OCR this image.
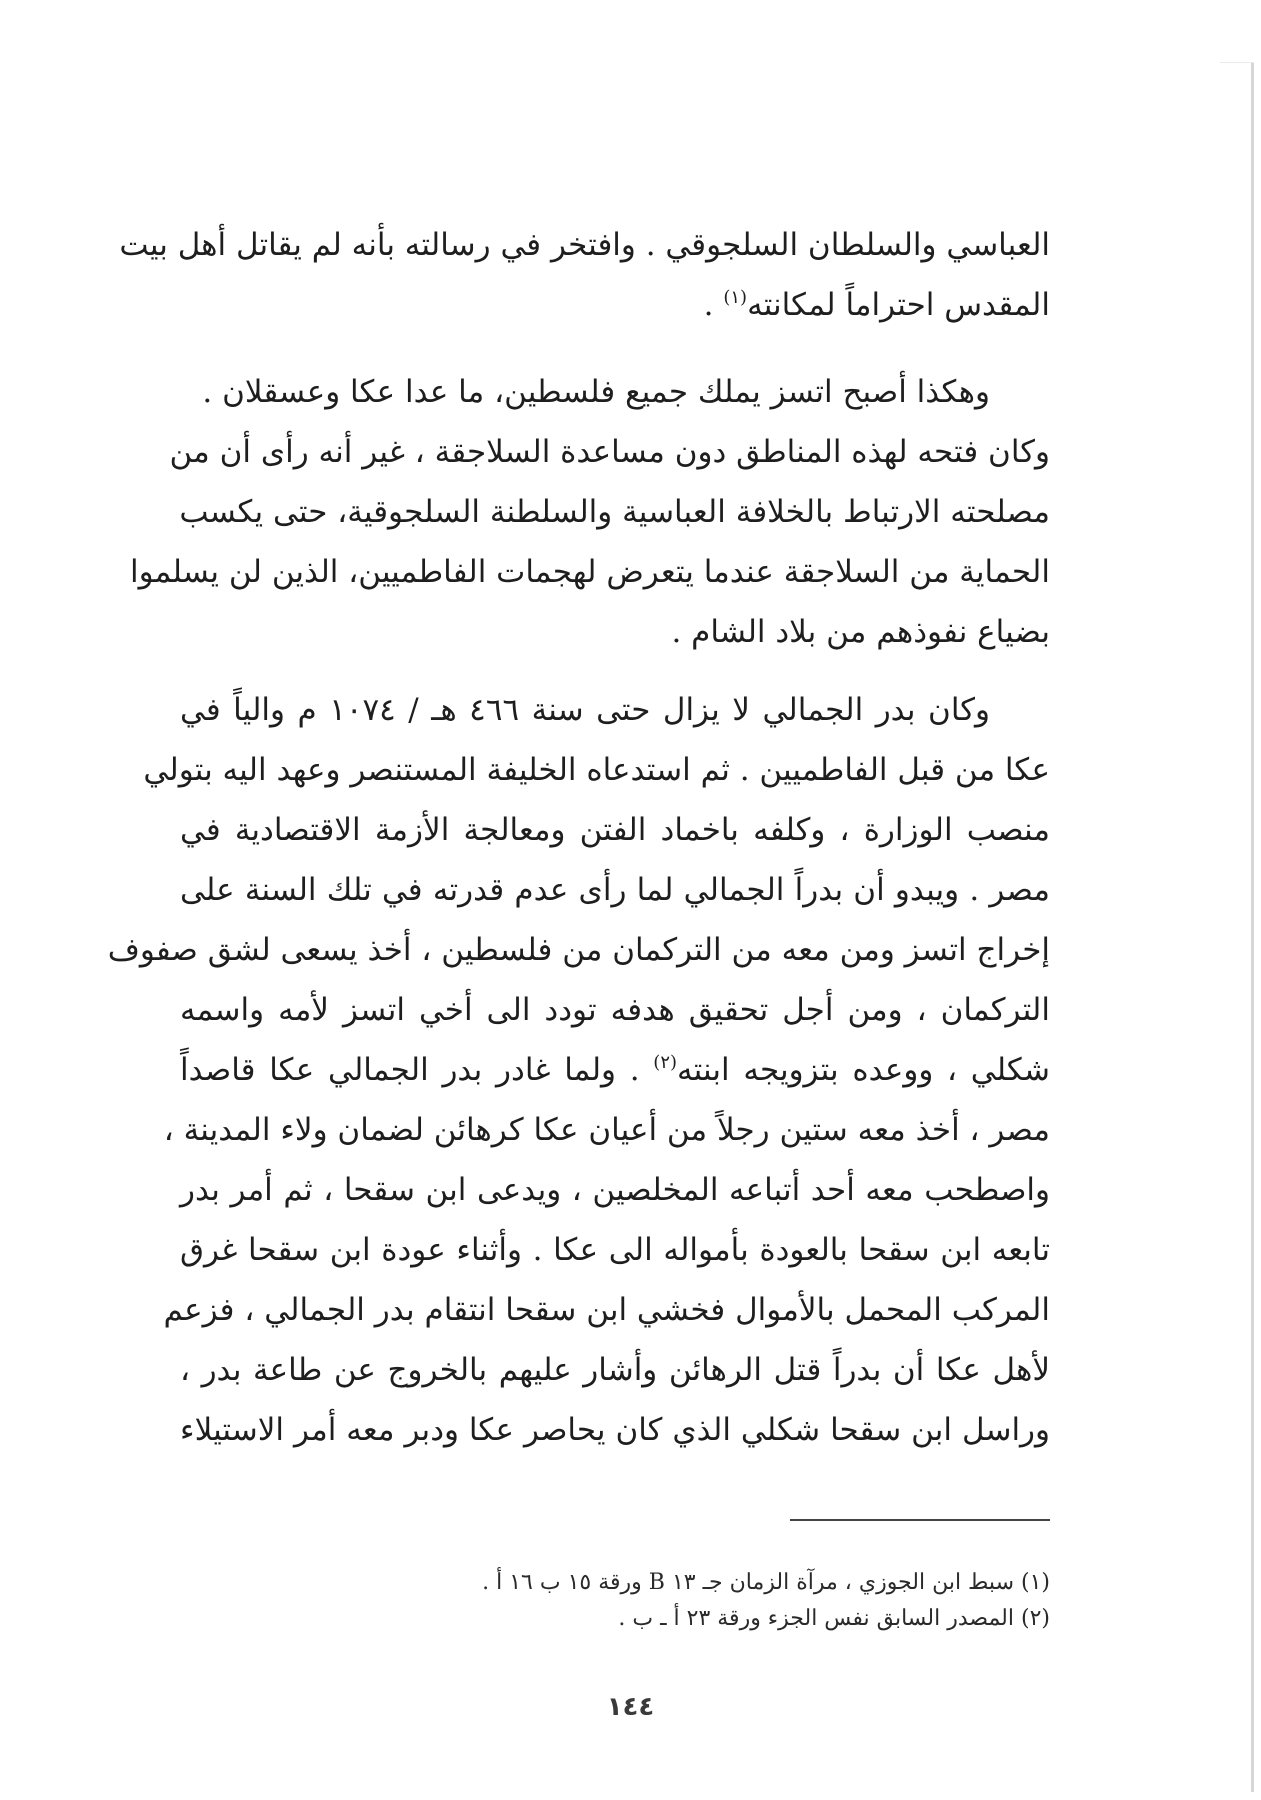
العباسي والسلطان السلجوقي . وافتخر في رسالته بأنه لم يقاتل أهل بيت
المقدس احتراماً لمكانته$^{(١)}$ .
وهكذا أصبح اتسز يملك جميع فلسطين، ما عدا عكا وعسقلان .
وكان فتحه لهذه المناطق دون مساعدة السلاجقة ، غير أنه رأى أن من
مصلحته الارتباط بالخلافة العباسية والسلطنة السلجوقية، حتى يكسب
الحماية من السلاجقة عندما يتعرض لهجمات الفاطميين، الذين لن يسلموا
بضياع نفوذهم من بلاد الشام .
وكان بدر الجمالي لا يزال حتى سنة ٤٦٦ هـ / ١٠٧٤ م والياً في
عكا من قبل الفاطميين . ثم استدعاه الخليفة المستنصر وعهد اليه بتولي
منصب الوزارة ، وكلفه باخماد الفتن ومعالجة الأزمة الاقتصادية في
مصر . ويبدو أن بدراً الجمالي لما رأى عدم قدرته في تلك السنة على
إخراج اتسز ومن معه من التركمان من فلسطين ، أخذ يسعى لشق صفوف
التركمان ، ومن أجل تحقيق هدفه تودد الى أخي اتسز لأمه واسمه
شكلي ، ووعده بتزويجه ابنته$^{(٢)}$ . ولما غادر بدر الجمالي عكا قاصداً
مصر ، أخذ معه ستين رجلاً من أعيان عكا كرهائن لضمان ولاء المدينة ،
واصطحب معه أحد أتباعه المخلصين ، ويدعى ابن سقحا ، ثم أمر بدر
تابعه ابن سقحا بالعودة بأمواله الى عكا . وأثناء عودة ابن سقحا غرق
المركب المحمل بالأموال فخشي ابن سقحا انتقام بدر الجمالي ، فزعم
لأهل عكا أن بدراً قتل الرهائن وأشار عليهم بالخروج عن طاعة بدر ،
وراسل ابن سقحا شكلي الذي كان يحاصر عكا ودبر معه أمر الاستيلاء
(١) سبط ابن الجوزي ، مرآة الزمان جـ ١٣ B ورقة ١٥ ب ١٦ أ .
(٢) المصدر السابق نفس الجزء ورقة ٢٣ أ ـ ب .
١٤٤
